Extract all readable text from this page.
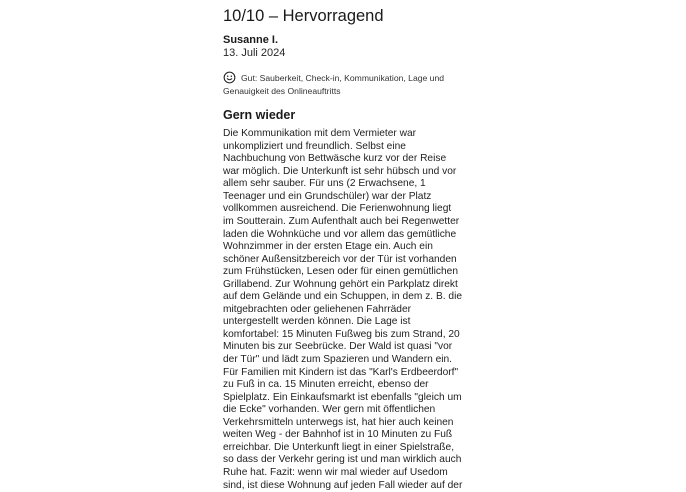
10/10 – Hervorragend
Susanne I.
13. Juli 2024
Gut: Sauberkeit, Check-in, Kommunikation, Lage und Genauigkeit des Onlineauftritts
Gern wieder
Die Kommunikation mit dem Vermieter war unkompliziert und freundlich. Selbst eine Nachbuchung von Bettwäsche kurz vor der Reise war möglich. Die Unterkunft ist sehr hübsch und vor allem sehr sauber. Für uns (2 Erwachsene, 1 Teenager und ein Grundschüler) war der Platz vollkommen ausreichend. Die Ferienwohnung liegt im Soutterain. Zum Aufenthalt auch bei Regenwetter laden die Wohnküche und vor allem das gemütliche Wohnzimmer in der ersten Etage ein. Auch ein schöner Außensitzbereich vor der Tür ist vorhanden zum Frühstücken, Lesen oder für einen gemütlichen Grillabend. Zur Wohnung gehört ein Parkplatz direkt auf dem Gelände und ein Schuppen, in dem z. B. die mitgebrachten oder geliehenen Fahrräder untergestellt werden können. Die Lage ist komfortabel: 15 Minuten Fußweg bis zum Strand, 20 Minuten bis zur Seebrücke. Der Wald ist quasi "vor der Tür" und lädt zum Spazieren und Wandern ein. Für Familien mit Kindern ist das "Karl's Erdbeerdorf" zu Fuß in ca. 15 Minuten erreicht, ebenso der Spielplatz. Ein Einkaufsmarkt ist ebenfalls "gleich um die Ecke" vorhanden. Wer gern mit öffentlichen Verkehrsmitteln unterwegs ist, hat hier auch keinen weiten Weg - der Bahnhof ist in 10 Minuten zu Fuß erreichbar. Die Unterkunft liegt in einer Spielstraße, so dass der Verkehr gering ist und man wirklich auch Ruhe hat. Fazit: wenn wir mal wieder auf Usedom sind, ist diese Wohnung auf jeden Fall wieder auf der
